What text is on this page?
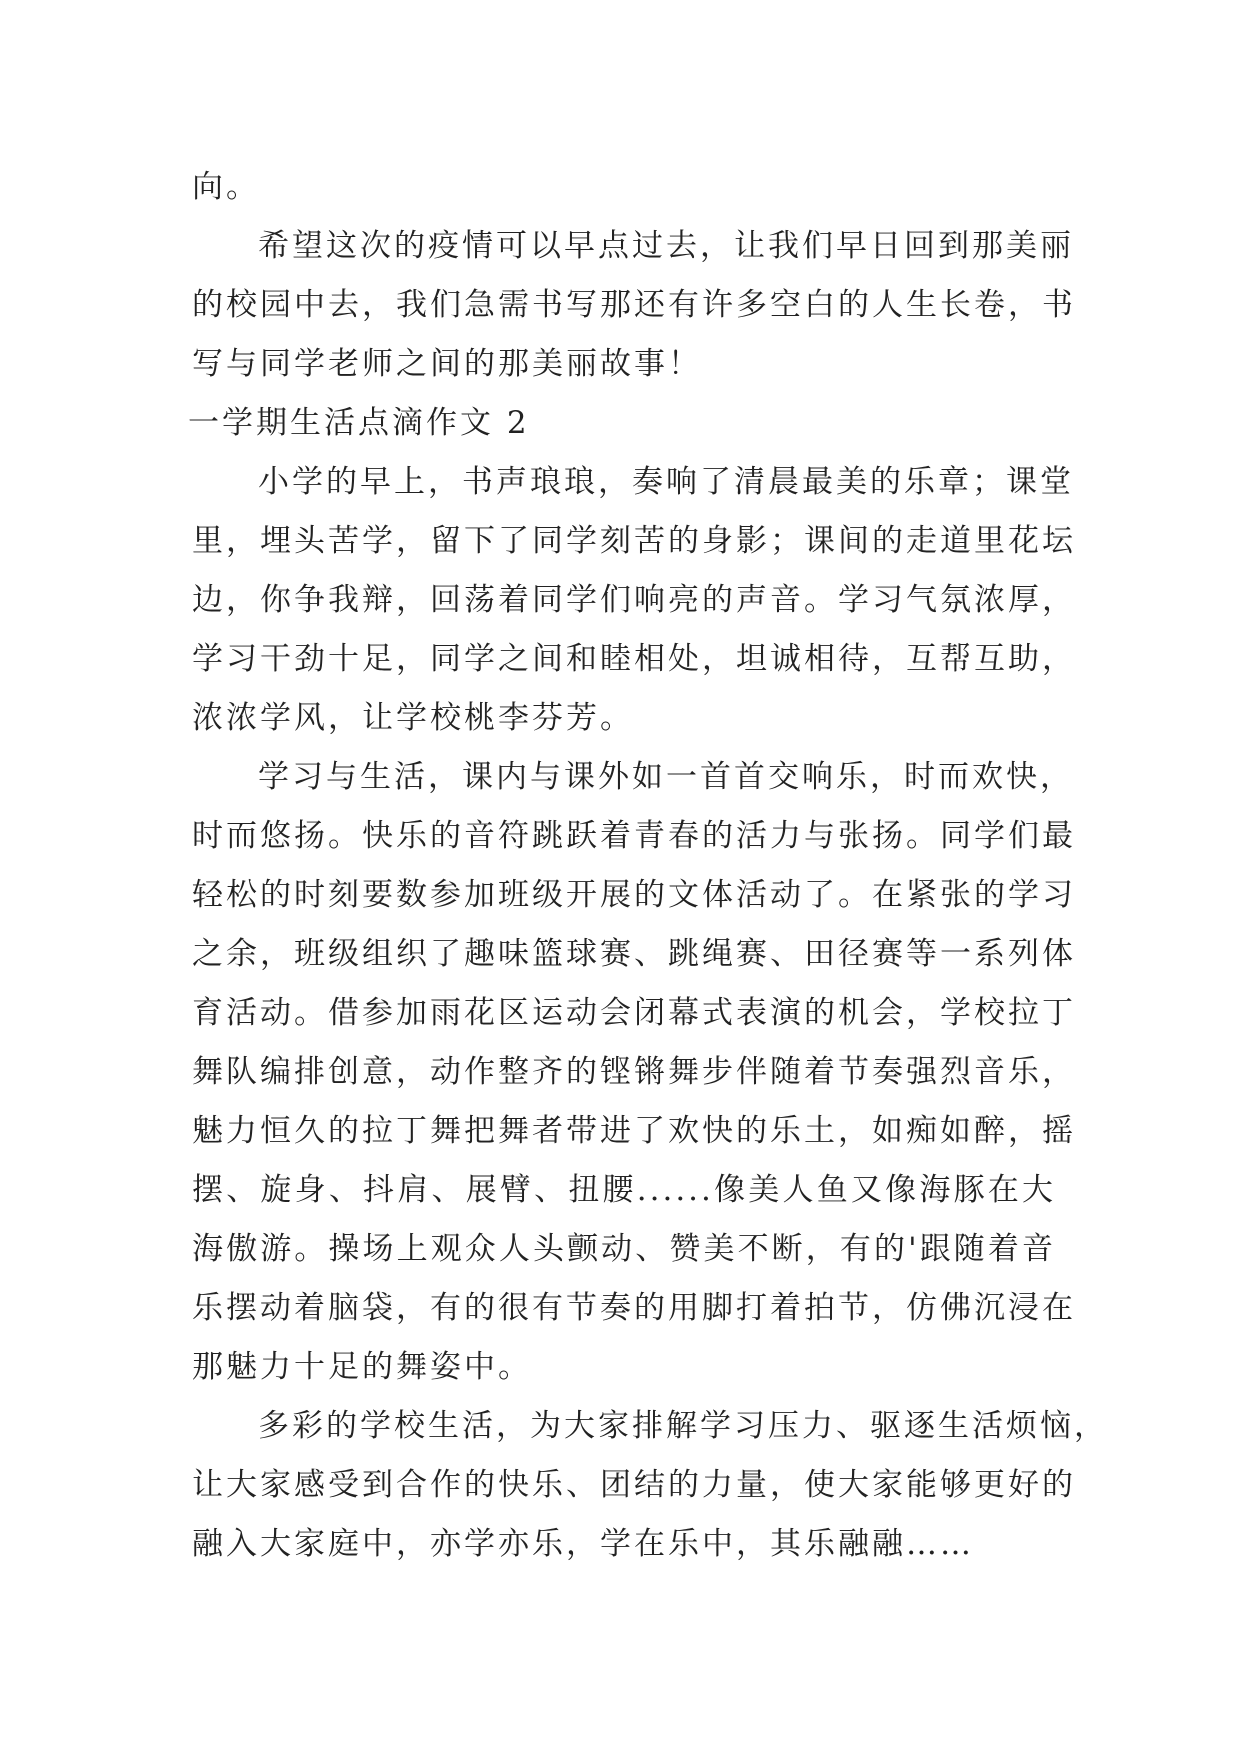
向。
希望这次的疫情可以早点过去，让我们早日回到那美丽
的校园中去，我们急需书写那还有许多空白的人生长卷，书
写与同学老师之间的那美丽故事！
一学期生活点滴作文 2
小学的早上，书声琅琅，奏响了清晨最美的乐章；课堂
里，埋头苦学，留下了同学刻苦的身影；课间的走道里花坛
边，你争我辩，回荡着同学们响亮的声音。学习气氛浓厚，
学习干劲十足，同学之间和睦相处，坦诚相待，互帮互助，
浓浓学风，让学校桃李芬芳。
学习与生活，课内与课外如一首首交响乐，时而欢快，
时而悠扬。快乐的音符跳跃着青春的活力与张扬。同学们最
轻松的时刻要数参加班级开展的文体活动了。在紧张的学习
之余，班级组织了趣味篮球赛、跳绳赛、田径赛等一系列体
育活动。借参加雨花区运动会闭幕式表演的机会，学校拉丁
舞队编排创意，动作整齐的铿锵舞步伴随着节奏强烈音乐，
魅力恒久的拉丁舞把舞者带进了欢快的乐土，如痴如醉，摇
摆、旋身、抖肩、展臂、扭腰......像美人鱼又像海豚在大
海傲游。操场上观众人头颤动、赞美不断，有的'跟随着音
乐摆动着脑袋，有的很有节奏的用脚打着拍节，仿佛沉浸在
那魅力十足的舞姿中。
多彩的学校生活，为大家排解学习压力、驱逐生活烦恼，
让大家感受到合作的快乐、团结的力量，使大家能够更好的
融入大家庭中，亦学亦乐，学在乐中，其乐融融……
